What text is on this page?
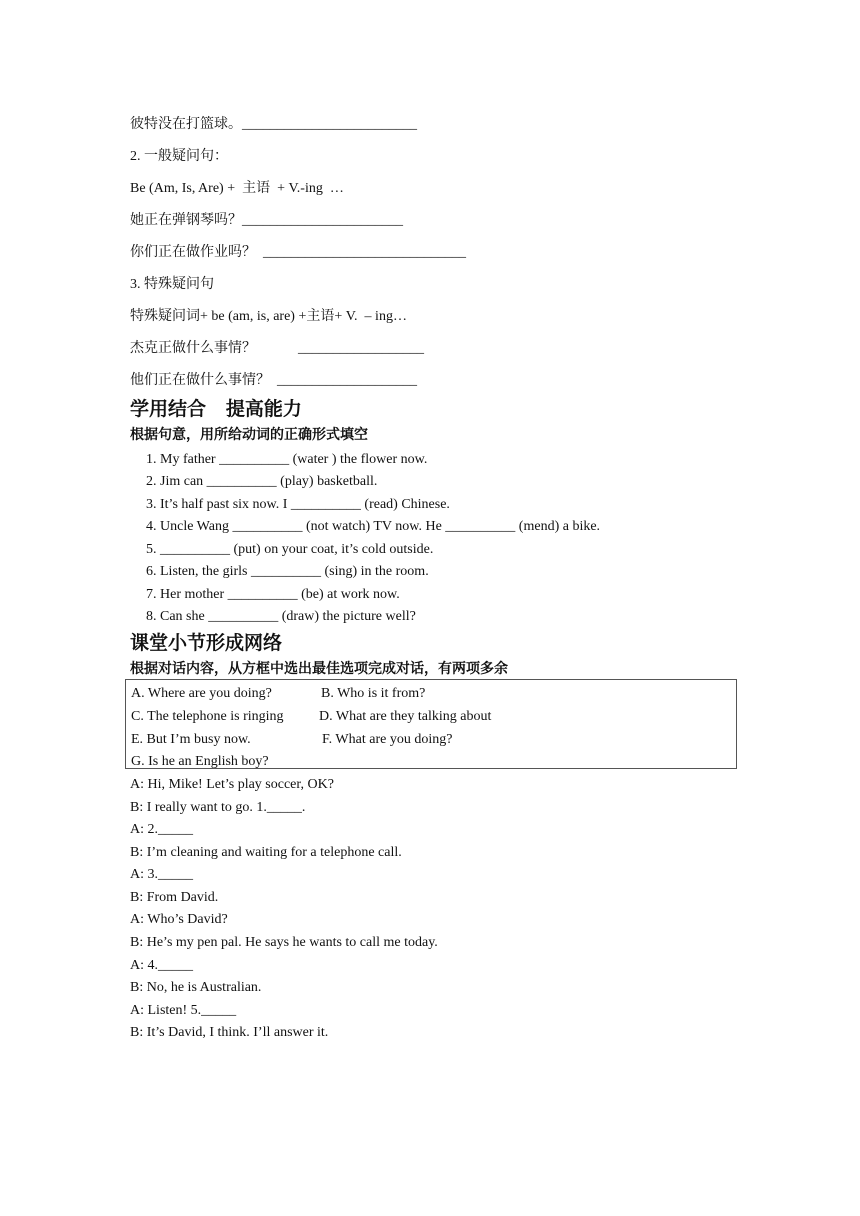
彼特没在打篮球。_________________________
2. 一般疑问句：
Be (Am, Is, Are) +  主语  + V.-ing  …
她正在弹钢琴吗？_______________________
你们正在做作业吗？  _____________________________
3. 特殊疑问句
特殊疑问词+ be (am, is, are) +主语+ V.  – ing…
杰克正做什么事情？            __________________
他们正在做什么事情？  ____________________
学用结合   提高能力
根据句意，用所给动词的正确形式填空
1. My father __________ (water ) the flower now.
2. Jim can __________ (play) basketball.
3. It’s half past six now. I __________ (read) Chinese.
4. Uncle Wang __________ (not watch) TV now. He __________ (mend) a bike.
5. __________ (put) on your coat, it’s cold outside.
6. Listen, the girls __________ (sing) in the room.
7. Her mother __________ (be) at work now.
8. Can she __________ (draw) the picture well?
课堂小节形成网络
根据对话内容，从方框中选出最佳选项完成对话，有两项多余
A. Where are you doing?	B. Who is it from?
C. The telephone is ringing	D. What are they talking about
E. But I’m busy now.	F. What are you doing?
G. Is he an English boy?
A: Hi, Mike! Let’s play soccer, OK?
B: I really want to go. 1._____.
A: 2._____
B: I’m cleaning and waiting for a telephone call.
A: 3._____
B: From David.
A: Who’s David?
B: He’s my pen pal. He says he wants to call me today.
A: 4._____
B: No, he is Australian.
A: Listen! 5._____
B: It’s David, I think. I’ll answer it.
